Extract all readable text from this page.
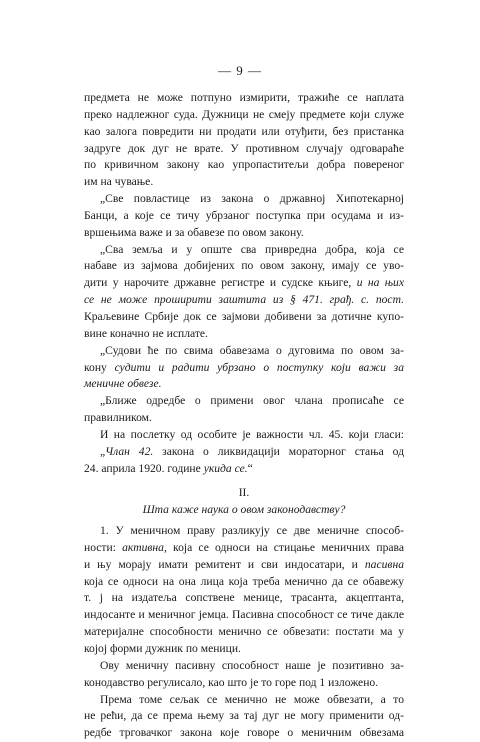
— 9 —

предмета не може потпуно измирити, тражиће се наплата

преко надлежног суда. Дужници не смеју предмете који служе

као залога повредити ни продати или отуђити, без пристанка

задруге док дуг не врате. У противном случају одговараће

по кривичном закону као упропаститељи добра повереног

им на чување.

„Све повластице из закона о државној Хипотекарној

Банци, а које се тичу убрзаног поступка при осудама и из-

вршењима важе и за обавезе по овом закону.

„Сва земља и у опште сва привредна добра, која се

набаве из зајмова добијених по овом закону, имају се уво-

дити у нарочите државне регистре и судске књиге, и на њих

се не може проширити заштита из § 471. грађ. с. пост.

Краљевине Србије док се зајмови добивени за дотичне купо-

вине коначно не исплате.

„Судови ће по свима обавезама о дуговима по овом за-

кону судити и радити убрзано о поступку који важи за

меничне обвезе.

„Ближе одредбе о примени овог члана прописаће се

правилником.

И на послетку од особите је важности чл. 45. који гласи:

„Члан 42. закона о ликвидацији мораторног стања од

24. априла 1920. године укида се.“

II.

Шта каже наука о овом законодавству?

1. У меничном праву разликују се две меничне способ-

ности: активна, која се односи на стицање меничних права

и њу морају имати ремитент и сви индосатари, и пасивна

која се односи на она лица која треба менично да се обавежу

т. ј на издатеља сопствене менице, трасанта, акцептанта,

индосанте и меничног јемца. Пасивна способност се тиче дакле

материјалне способности менично се обвезати: постати ма у

којој форми дужник по меници.

Ову меничну пасивну способност наше је позитивно за-

конодавство регулисало, као што је то горе под 1 изложено.

Према томе сељак се менично не може обвезати, а то

не рећи, да се према њему за тај дуг не могу применити од-

редбе трговачког закона које говоре о меничним обвезама
